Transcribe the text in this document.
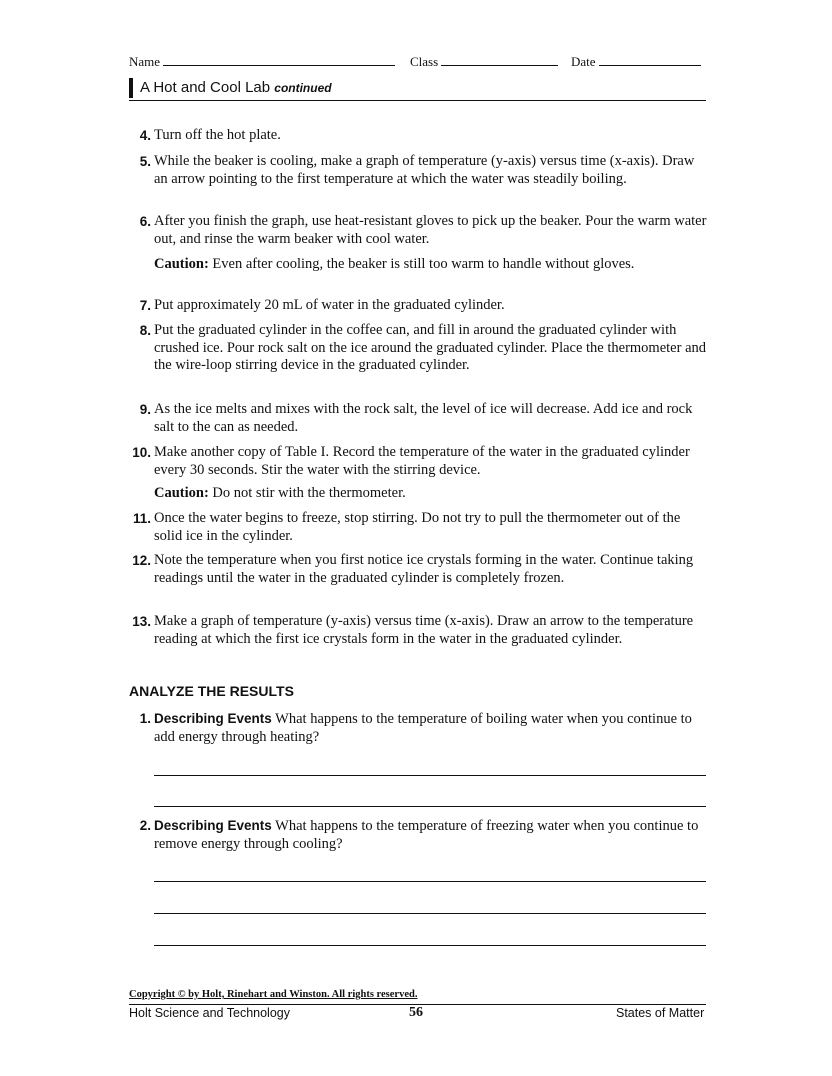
Name	Class	Date
A Hot and Cool Lab continued
4. Turn off the hot plate.
5. While the beaker is cooling, make a graph of temperature (y-axis) versus time (x-axis). Draw an arrow pointing to the first temperature at which the water was steadily boiling.
6. After you finish the graph, use heat-resistant gloves to pick up the beaker. Pour the warm water out, and rinse the warm beaker with cool water.
Caution: Even after cooling, the beaker is still too warm to handle without gloves.
7. Put approximately 20 mL of water in the graduated cylinder.
8. Put the graduated cylinder in the coffee can, and fill in around the graduated cylinder with crushed ice. Pour rock salt on the ice around the graduated cylinder. Place the thermometer and the wire-loop stirring device in the graduated cylinder.
9. As the ice melts and mixes with the rock salt, the level of ice will decrease. Add ice and rock salt to the can as needed.
10. Make another copy of Table I. Record the temperature of the water in the graduated cylinder every 30 seconds. Stir the water with the stirring device.
Caution: Do not stir with the thermometer.
11. Once the water begins to freeze, stop stirring. Do not try to pull the thermometer out of the solid ice in the cylinder.
12. Note the temperature when you first notice ice crystals forming in the water. Continue taking readings until the water in the graduated cylinder is completely frozen.
13. Make a graph of temperature (y-axis) versus time (x-axis). Draw an arrow to the temperature reading at which the first ice crystals form in the water in the graduated cylinder.
ANALYZE THE RESULTS
1. Describing Events What happens to the temperature of boiling water when you continue to add energy through heating?
2. Describing Events What happens to the temperature of freezing water when you continue to remove energy through cooling?
Copyright © by Holt, Rinehart and Winston. All rights reserved.
Holt Science and Technology	56	States of Matter
